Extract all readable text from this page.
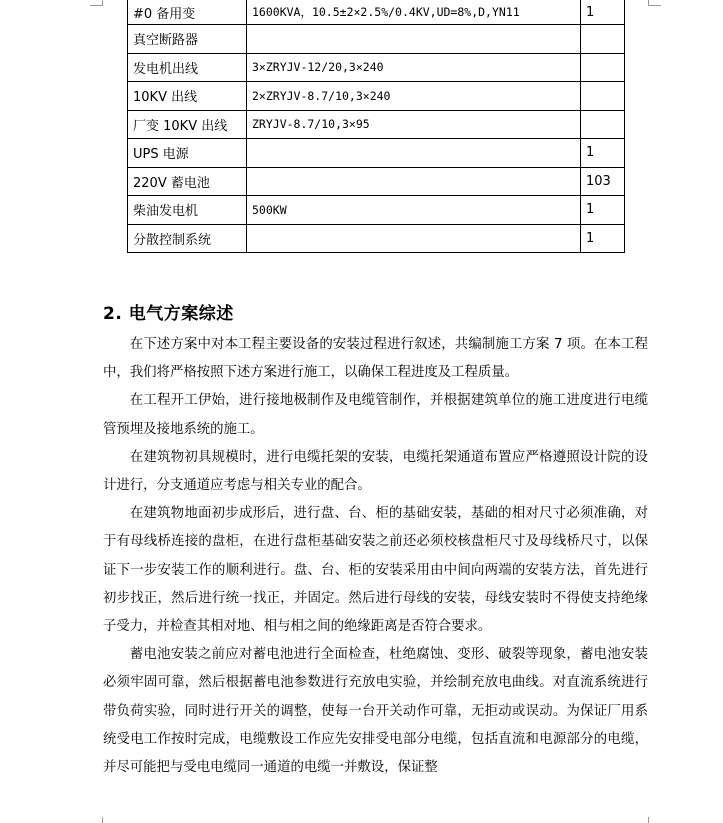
#0 备用变	1600KVA，10.5±2×2.5%/0.4KV,UD=8%,D,YN11	1
真空断路器		
发电机出线	3×ZRYJV-12/20,3×240	
10KV 出线	2×ZRYJV-8.7/10,3×240	
厂变 10KV 出线	ZRYJV-8.7/10,3×95	
UPS 电源		1
220V 蓄电池		103
柴油发电机	500KW	1
分散控制系统		1
2. 电气方案综述

在下述方案中对本工程主要设备的安装过程进行叙述，共编制施工方案 7 项。在本工程中，我们将严格按照下述方案进行施工，以确保工程进度及工程质量。

在工程开工伊始，进行接地极制作及电缆管制作，并根据建筑单位的施工进度进行电缆管预埋及接地系统的施工。

在建筑物初具规模时，进行电缆托架的安装，电缆托架通道布置应严格遵照设计院的设计进行，分支通道应考虑与相关专业的配合。

在建筑物地面初步成形后，进行盘、台、柜的基础安装，基础的相对尺寸必须准确，对于有母线桥连接的盘柜，在进行盘柜基础安装之前还必须校核盘柜尺寸及母线桥尺寸，以保证下一步安装工作的顺利进行。盘、台、柜的安装采用由中间向两端的安装方法，首先进行初步找正，然后进行统一找正，并固定。然后进行母线的安装，母线安装时不得使支持绝缘子受力，并检查其相对地、相与相之间的绝缘距离是否符合要求。

蓄电池安装之前应对蓄电池进行全面检查，杜绝腐蚀、变形、破裂等现象，蓄电池安装必须牢固可靠，然后根据蓄电池参数进行充放电实验，并绘制充放电曲线。对直流系统进行带负荷实验，同时进行开关的调整，使每一台开关动作可靠，无拒动或误动。为保证厂用系统受电工作按时完成，电缆敷设工作应先安排受电部分电缆，包括直流和电源部分的电缆，并尽可能把与受电电缆同一通道的电缆一并敷设，保证整
